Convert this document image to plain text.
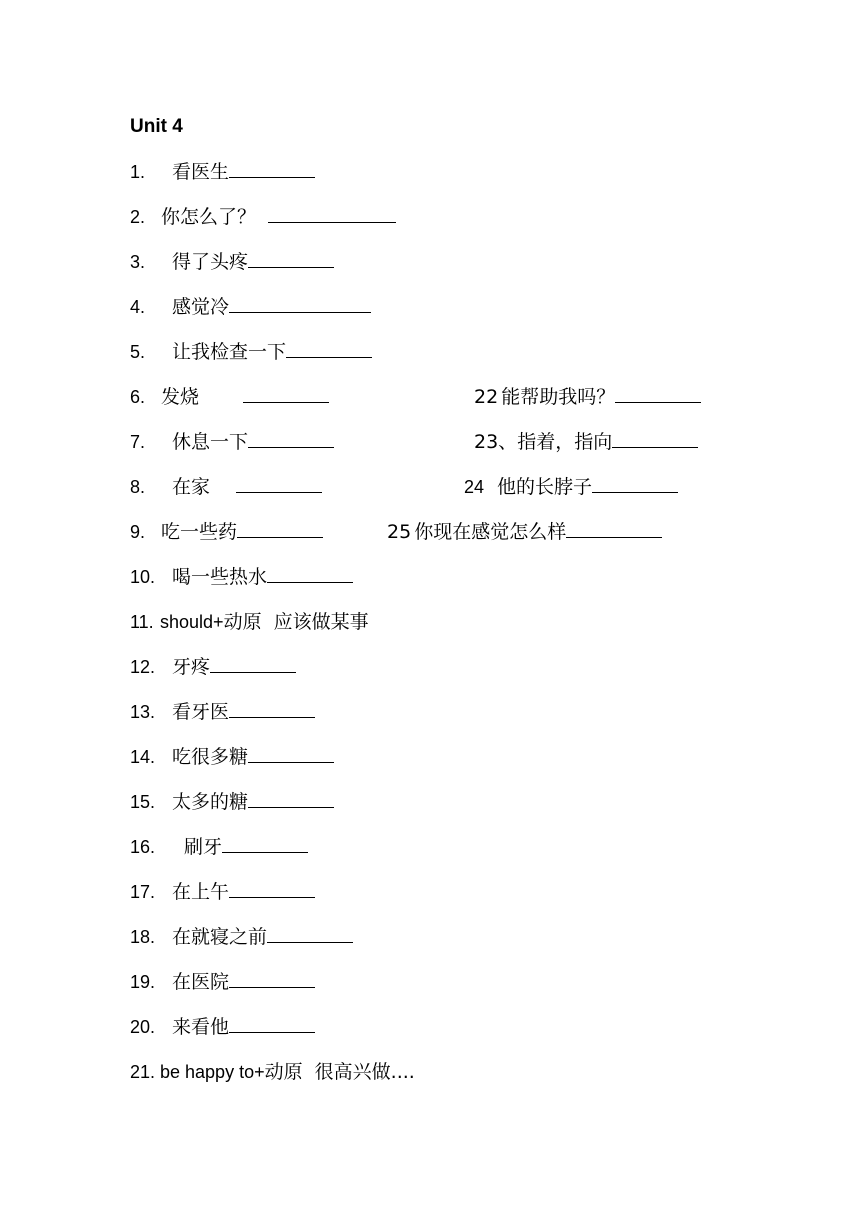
Unit 4
1. 看医生
2. 你怎么了？
3. 得了头疼
4. 感觉冷
5. 让我检查一下
6. 发烧	22 能帮助我吗？
7. 休息一下	23、指着，指向
8. 在家	24 他的长脖子
9. 吃一些药	25 你现在感觉怎么样
10. 喝一些热水
11. should+动原  应该做某事
12. 牙疼
13. 看牙医
14. 吃很多糖
15. 太多的糖
16. 刷牙
17. 在上午
18. 在就寝之前
19. 在医院
20. 来看他
21. be happy to+动原  很高兴做....
